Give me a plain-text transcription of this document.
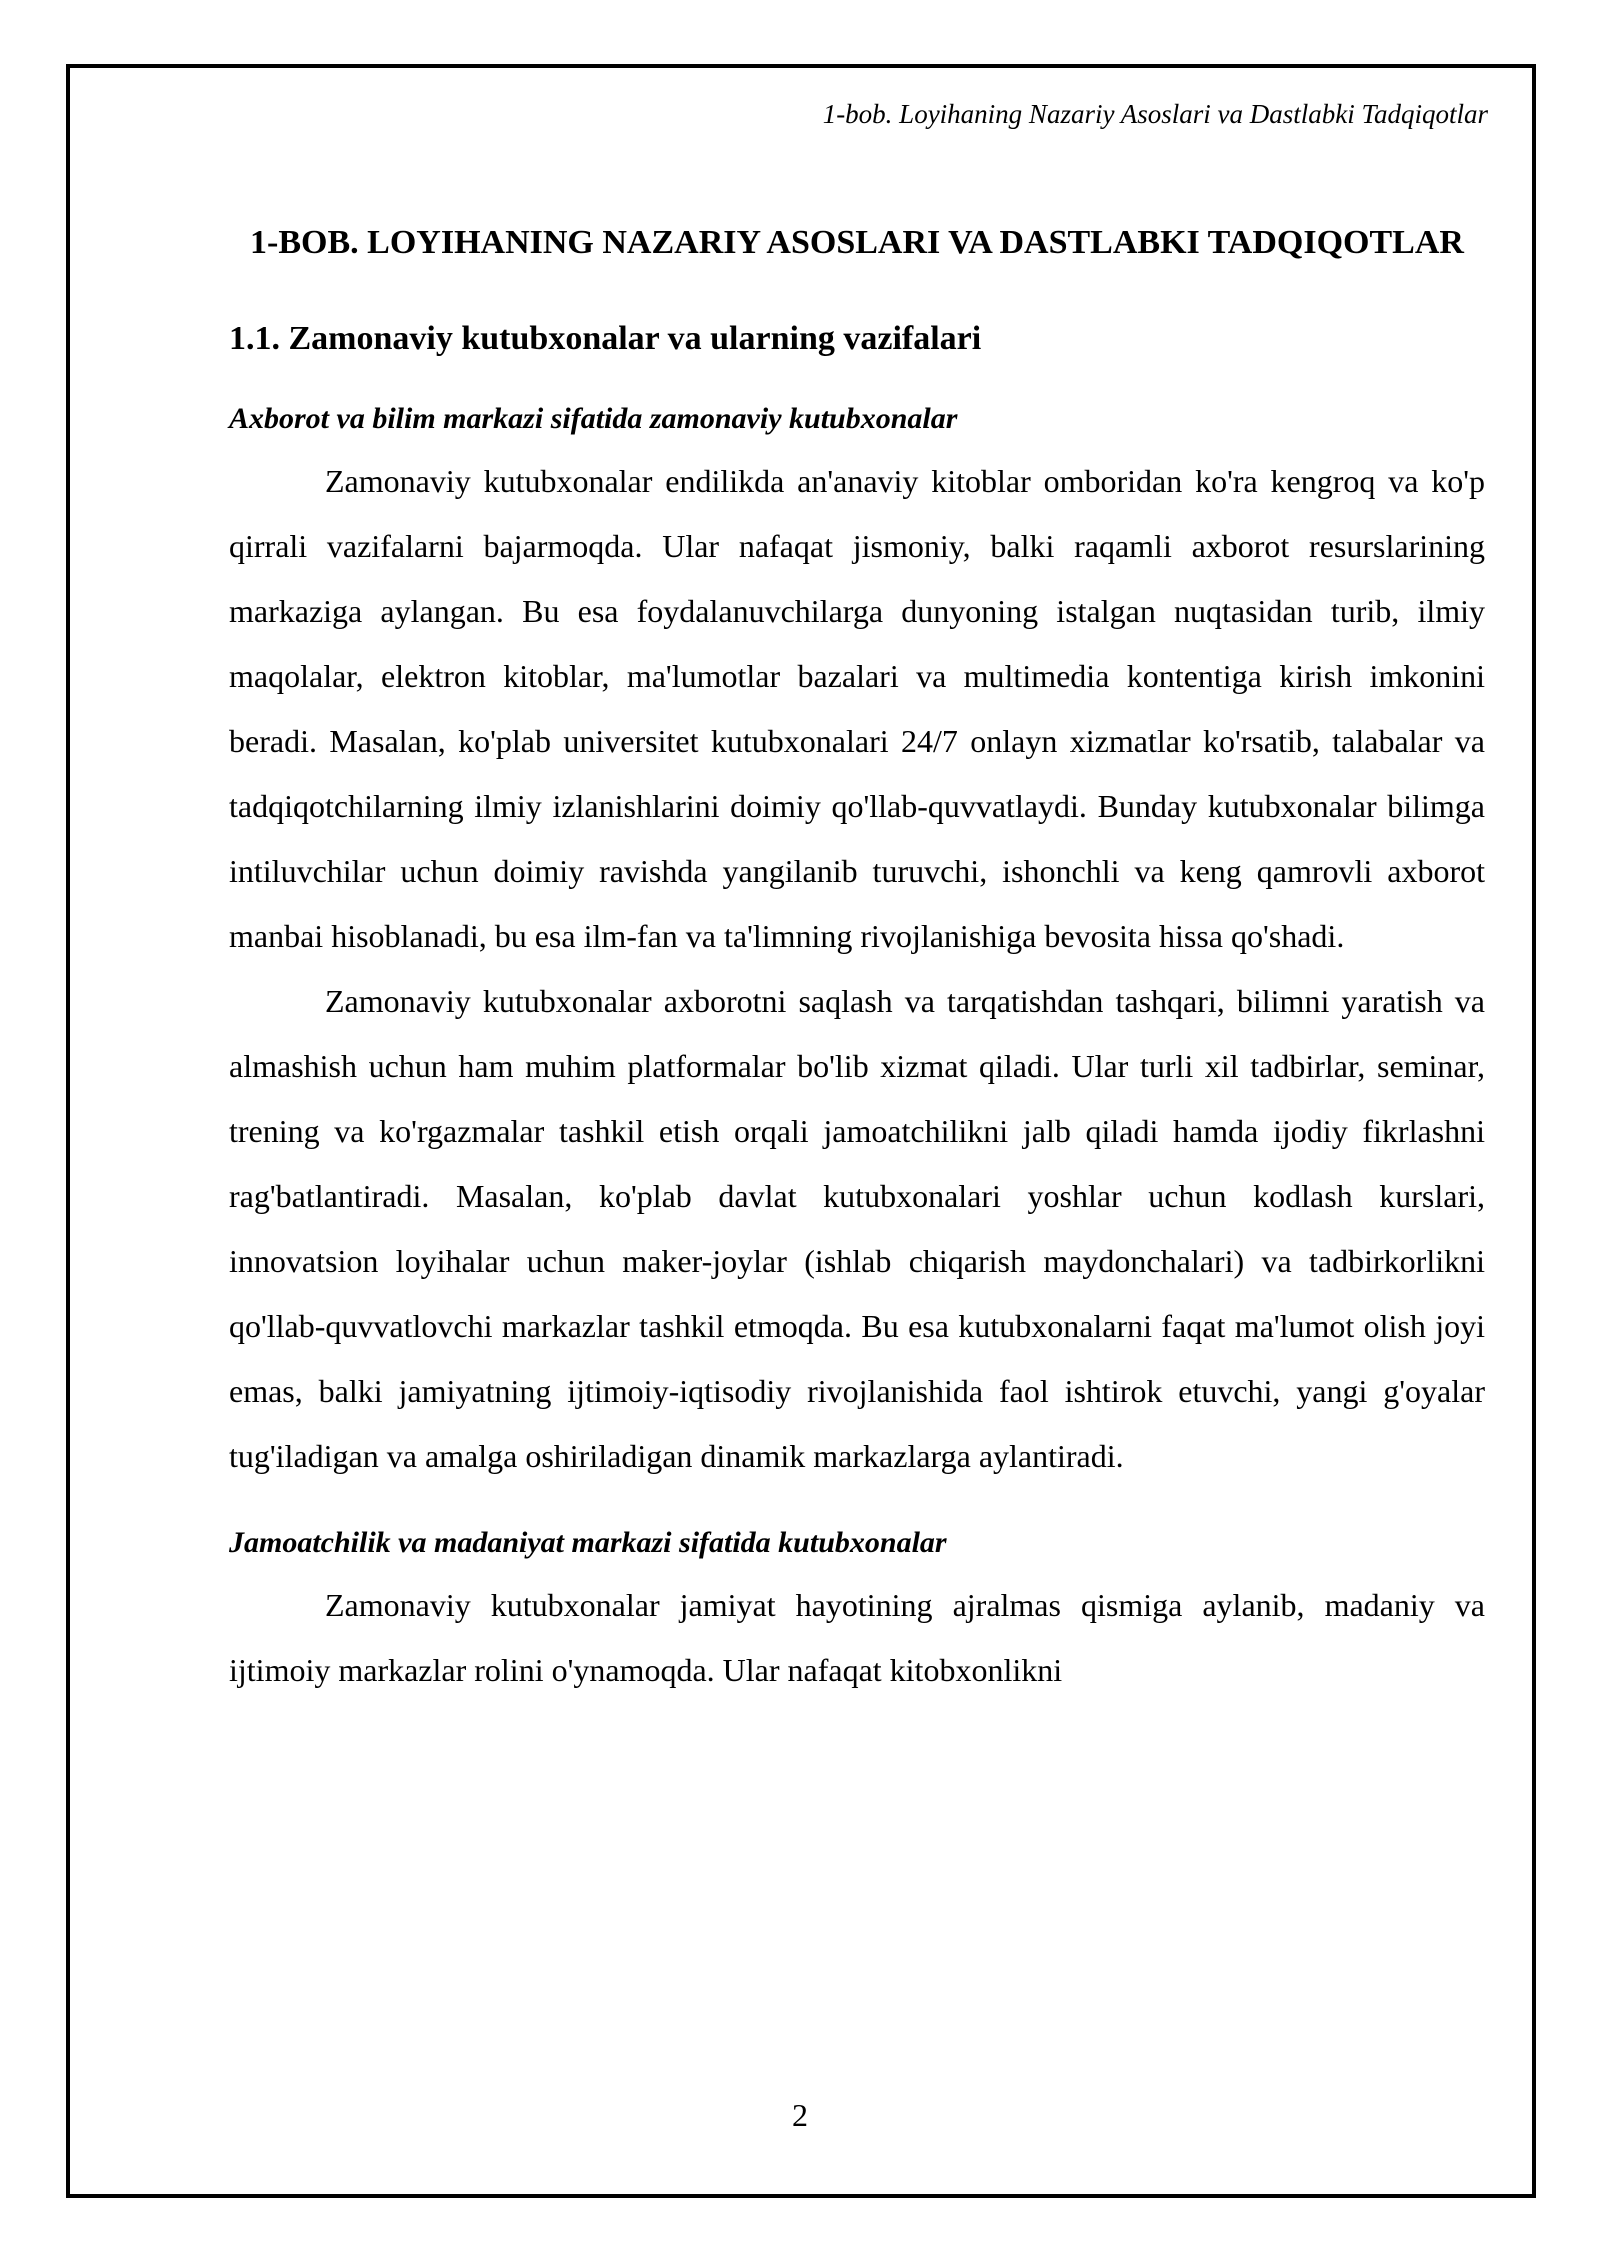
1-bob. Loyihaning Nazariy Asoslari va Dastlabki Tadqiqotlar
1-BOB. LOYIHANING NAZARIY ASOSLARI VA DASTLABKI TADQIQOTLAR
1.1. Zamonaviy kutubxonalar va ularning vazifalari
Axborot va bilim markazi sifatida zamonaviy kutubxonalar

Zamonaviy kutubxonalar endilikda an'anaviy kitoblar omboridan ko'ra kengroq va ko'p qirrali vazifalarni bajarmoqda. Ular nafaqat jismoniy, balki raqamli axborot resurslarining markaziga aylangan. Bu esa foydalanuvchilarga dunyoning istalgan nuqtasidan turib, ilmiy maqolalar, elektron kitoblar, ma'lumotlar bazalari va multimedia kontentiga kirish imkonini beradi. Masalan, ko'plab universitet kutubxonalari 24/7 onlayn xizmatlar ko'rsatib, talabalar va tadqiqotchilarning ilmiy izlanishlarini doimiy qo'llab-quvvatlaydi. Bunday kutubxonalar bilimga intiluvchilar uchun doimiy ravishda yangilanib turuvchi, ishonchli va keng qamrovli axborot manbai hisoblanadi, bu esa ilm-fan va ta'limning rivojlanishiga bevosita hissa qo'shadi.

Zamonaviy kutubxonalar axborotni saqlash va tarqatishdan tashqari, bilimni yaratish va almashish uchun ham muhim platformalar bo'lib xizmat qiladi. Ular turli xil tadbirlar, seminar, trening va ko'rgazmalar tashkil etish orqali jamoatchilikni jalb qiladi hamda ijodiy fikrlashni rag'batlantiradi. Masalan, ko'plab davlat kutubxonalari yoshlar uchun kodlash kurslari, innovatsion loyihalar uchun maker-joylar (ishlab chiqarish maydonchalari) va tadbirkorlikni qo'llab-quvvatlovchi markazlar tashkil etmoqda. Bu esa kutubxonalarni faqat ma'lumot olish joyi emas, balki jamiyatning ijtimoiy-iqtisodiy rivojlanishida faol ishtirok etuvchi, yangi g'oyalar tug'iladigan va amalga oshiriladigan dinamik markazlarga aylantiradi.

Jamoatchilik va madaniyat markazi sifatida kutubxonalar

Zamonaviy kutubxonalar jamiyat hayotining ajralmas qismiga aylanib, madaniy va ijtimoiy markazlar rolini o'ynamoqda. Ular nafaqat kitobxonlikni

2
